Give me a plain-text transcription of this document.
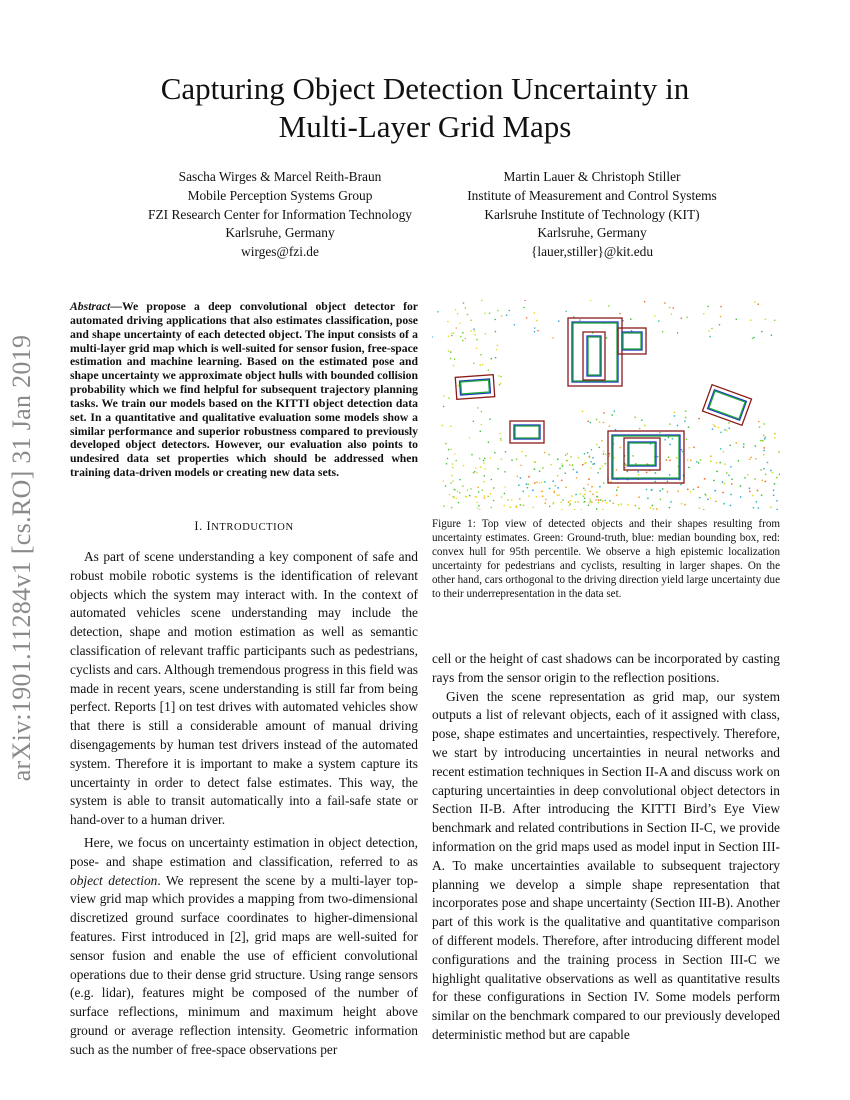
arXiv:1901.11284v1 [cs.RO] 31 Jan 2019
Capturing Object Detection Uncertainty in
Multi-Layer Grid Maps
Sascha Wirges & Marcel Reith-Braun
Mobile Perception Systems Group
FZI Research Center for Information Technology
Karlsruhe, Germany
wirges@fzi.de
Martin Lauer & Christoph Stiller
Institute of Measurement and Control Systems
Karlsruhe Institute of Technology (KIT)
Karlsruhe, Germany
{lauer,stiller}@kit.edu
Abstract—We propose a deep convolutional object detector for automated driving applications that also estimates classification, pose and shape uncertainty of each detected object. The input consists of a multi-layer grid map which is well-suited for sensor fusion, free-space estimation and machine learning. Based on the estimated pose and shape uncertainty we approximate object hulls with bounded collision probability which we find helpful for subsequent trajectory planning tasks. We train our models based on the KITTI object detection data set. In a quantitative and qualitative evaluation some models show a similar performance and superior robustness compared to previously developed object detectors. However, our evaluation also points to undesired data set properties which should be addressed when training data-driven models or creating new data sets.
I. INTRODUCTION

As part of scene understanding a key component of safe and robust mobile robotic systems is the identification of relevant objects which the system may interact with. In the context of automated vehicles scene understanding may include the detection, shape and motion estimation as well as semantic classification of relevant traffic participants such as pedestrians, cyclists and cars. Although tremendous progress in this field was made in recent years, scene understanding is still far from being perfect. Reports [1] on test drives with automated vehicles show that there is still a considerable amount of manual driving disengagements by human test drivers instead of the automated system. Therefore it is important to make a system capture its uncertainty in order to detect false estimates. This way, the system is able to transit automatically into a fail-safe state or hand-over to a human driver.

Here, we focus on uncertainty estimation in object detection, pose- and shape estimation and classification, referred to as object detection. We represent the scene by a multi-layer top-view grid map which provides a mapping from two-dimensional discretized ground surface coordinates to higher-dimensional features. First introduced in [2], grid maps are well-suited for sensor fusion and enable the use of efficient convolutional operations due to their dense grid structure. Using range sensors (e.g. lidar), features might be composed of the number of surface reflections, minimum and maximum height above ground or average reflection intensity. Geometric information such as the number of free-space observations per

Figure 1: Top view of detected objects and their shapes resulting from uncertainty estimates. Green: Ground-truth, blue: median bounding box, red: convex hull for 95th percentile. We observe a high epistemic localization uncertainty for pedestrians and cyclists, resulting in larger shapes. On the other hand, cars orthogonal to the driving direction yield large uncertainty due to their underrepresentation in the data set.

cell or the height of cast shadows can be incorporated by casting rays from the sensor origin to the reflection positions.

Given the scene representation as grid map, our system outputs a list of relevant objects, each of it assigned with class, pose, shape estimates and uncertainties, respectively. Therefore, we start by introducing uncertainties in neural networks and recent estimation techniques in Section II-A and discuss work on capturing uncertainties in deep convolutional object detectors in Section II-B. After introducing the KITTI Bird’s Eye View benchmark and related contributions in Section II-C, we provide information on the grid maps used as model input in Section III-A. To make uncertainties available to subsequent trajectory planning we develop a simple shape representation that incorporates pose and shape uncertainty (Section III-B). Another part of this work is the qualitative and quantitative comparison of different models. Therefore, after introducing different model configurations and the training process in Section III-C we highlight qualitative observations as well as quantitative results for these configurations in Section IV. Some models perform similar on the benchmark compared to our previously developed deterministic method but are capable
